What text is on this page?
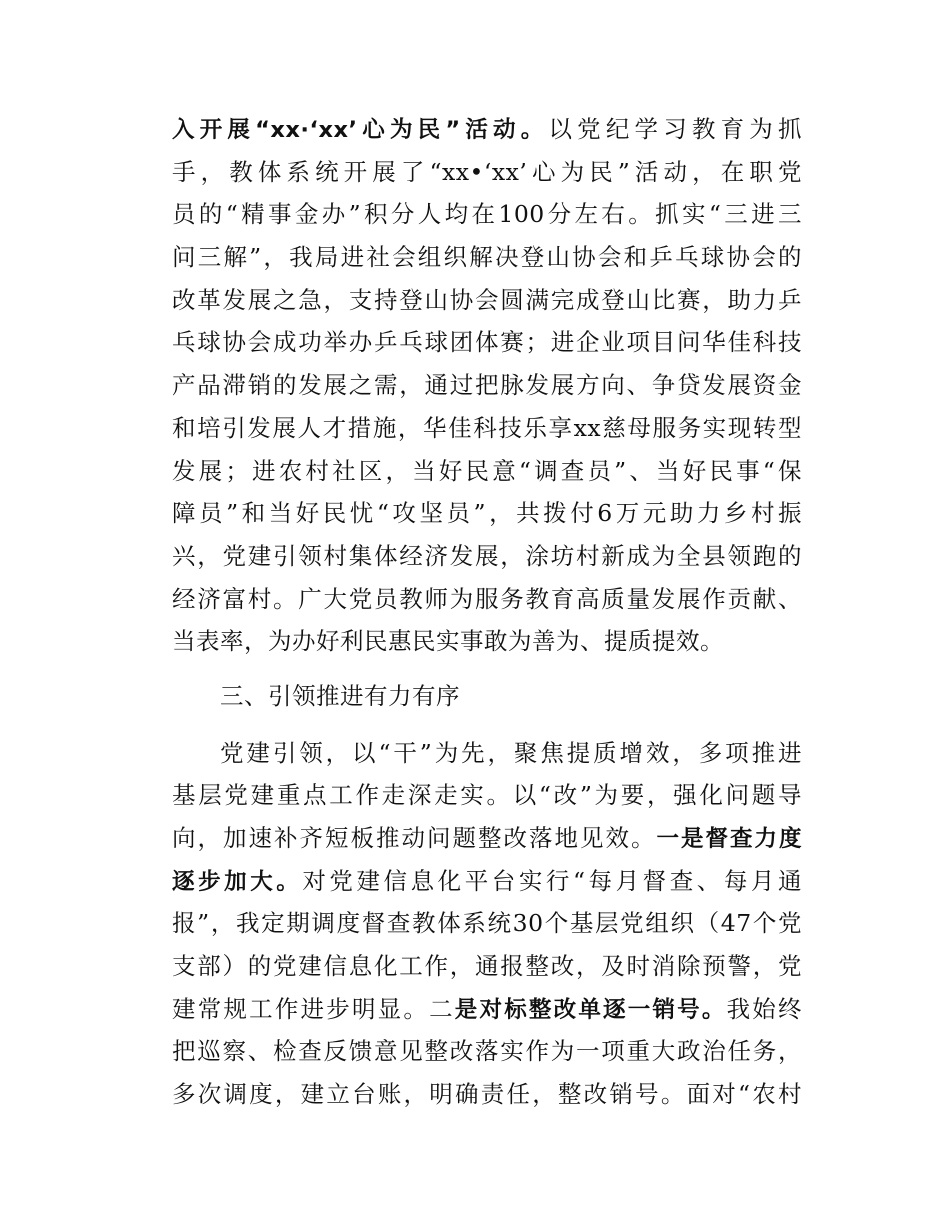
入开展“xx·‘xx’心为民”活动。以党纪学习教育为抓
手，教体系统开展了“xx•‘xx’心为民”活动，在职党
员的“精事金办”积分人均在100分左右。抓实“三进三
问三解”，我局进社会组织解决登山协会和乒乓球协会的
改革发展之急，支持登山协会圆满完成登山比赛，助力乒
乓球协会成功举办乒乓球团体赛；进企业项目问华佳科技
产品滞销的发展之需，通过把脉发展方向、争贷发展资金
和培引发展人才措施，华佳科技乐享xx慈母服务实现转型
发展；进农村社区，当好民意“调查员”、当好民事“保
障员”和当好民忧“攻坚员”，共拨付6万元助力乡村振
兴，党建引领村集体经济发展，涂坊村新成为全县领跑的
经济富村。广大党员教师为服务教育高质量发展作贡献、
当表率，为办好利民惠民实事敢为善为、提质提效。
三、引领推进有力有序
党建引领，以“干”为先，聚焦提质增效，多项推进
基层党建重点工作走深走实。以“改”为要，强化问题导
向，加速补齐短板推动问题整改落地见效。一是督查力度
逐步加大。对党建信息化平台实行“每月督查、每月通
报”，我定期调度督查教体系统30个基层党组织（47个党
支部）的党建信息化工作，通报整改，及时消除预警，党
建常规工作进步明显。二是对标整改单逐一销号。我始终
把巡察、检查反馈意见整改落实作为一项重大政治任务，
多次调度，建立台账，明确责任，整改销号。面对“农村
